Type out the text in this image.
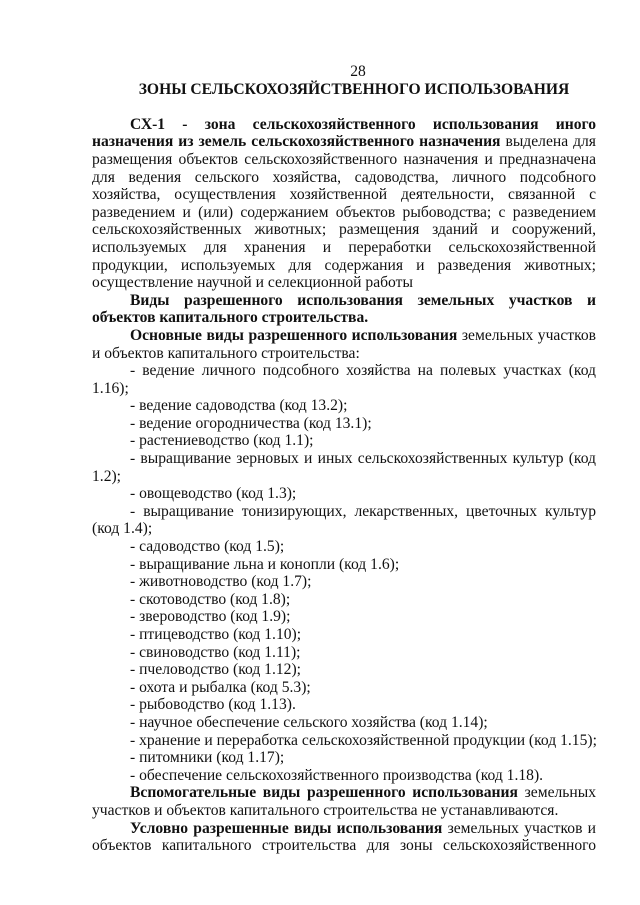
28
ЗОНЫ СЕЛЬСКОХОЗЯЙСТВЕННОГО ИСПОЛЬЗОВАНИЯ

СХ-1 - зона сельскохозяйственного использования иного назначения из земель сельскохозяйственного назначения выделена для размещения объектов сельскохозяйственного назначения и предназначена для ведения сельского хозяйства, садоводства, личного подсобного хозяйства, осуществления хозяйственной деятельности, связанной с разведением и (или) содержанием объектов рыбоводства; с разведением сельскохозяйственных животных; размещения зданий и сооружений, используемых для хранения и переработки сельскохозяйственной продукции, используемых для содержания и разведения животных; осуществление научной и селекционной работы

Виды разрешенного использования земельных участков и объектов капитального строительства.

Основные виды разрешенного использования земельных участков и объектов капитального строительства:

- ведение личного подсобного хозяйства на полевых участках (код 1.16);

- ведение садоводства (код 13.2);

- ведение огородничества (код 13.1);

- растениеводство (код 1.1);

- выращивание зерновых и иных сельскохозяйственных культур (код 1.2);

- овощеводство (код 1.3);

- выращивание тонизирующих, лекарственных, цветочных культур (код 1.4);

- садоводство (код 1.5);

- выращивание льна и конопли (код 1.6);

- животноводство (код 1.7);

- скотоводство (код 1.8);

- звероводство (код 1.9);

- птицеводство (код 1.10);

- свиноводство (код 1.11);

- пчеловодство (код 1.12);

- охота и рыбалка (код 5.3);

- рыбоводство (код 1.13).

- научное обеспечение сельского хозяйства (код 1.14);

- хранение и переработка сельскохозяйственной продукции (код 1.15);

- питомники (код 1.17);

- обеспечение сельскохозяйственного производства (код 1.18).

Вспомогательные виды разрешенного использования земельных участков и объектов капитального строительства не устанавливаются.

Условно разрешенные виды использования земельных участков и объектов капитального строительства для зоны сельскохозяйственного
